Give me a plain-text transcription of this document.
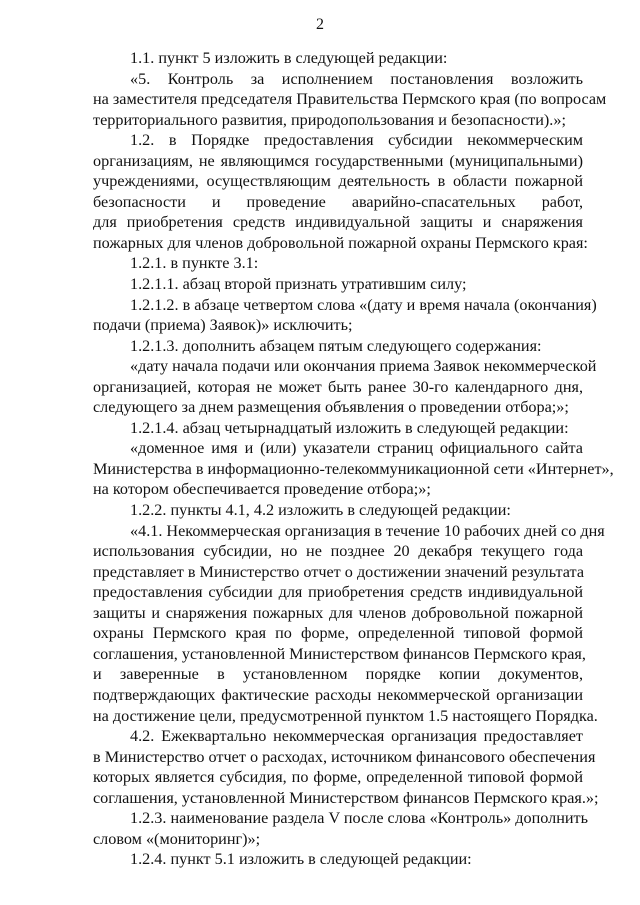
2
1.1. пункт 5 изложить в следующей редакции:
«5. Контроль за исполнением постановления возложить
на заместителя председателя Правительства Пермского края (по вопросам
территориального развития, природопользования и безопасности).»;
1.2. в Порядке предоставления субсидии некоммерческим
организациям, не являющимся государственными (муниципальными)
учреждениями, осуществляющим деятельность в области пожарной
безопасности и проведение аварийно-спасательных работ,
для приобретения средств индивидуальной защиты и снаряжения
пожарных для членов добровольной пожарной охраны Пермского края:
1.2.1. в пункте 3.1:
1.2.1.1. абзац второй признать утратившим силу;
1.2.1.2. в абзаце четвертом слова «(дату и время начала (окончания)
подачи (приема) Заявок)» исключить;
1.2.1.3. дополнить абзацем пятым следующего содержания:
«дату начала подачи или окончания приема Заявок некоммерческой
организацией, которая не может быть ранее 30-го календарного дня,
следующего за днем размещения объявления о проведении отбора;»;
1.2.1.4. абзац четырнадцатый изложить в следующей редакции:
«доменное имя и (или) указатели страниц официального сайта
Министерства в информационно-телекоммуникационной сети «Интернет»,
на котором обеспечивается проведение отбора;»;
1.2.2. пункты 4.1, 4.2 изложить в следующей редакции:
«4.1. Некоммерческая организация в течение 10 рабочих дней со дня
использования субсидии, но не позднее 20 декабря текущего года
представляет в Министерство отчет о достижении значений результата
предоставления субсидии для приобретения средств индивидуальной
защиты и снаряжения пожарных для членов добровольной пожарной
охраны Пермского края по форме, определенной типовой формой
соглашения, установленной Министерством финансов Пермского края,
и заверенные в установленном порядке копии документов,
подтверждающих фактические расходы некоммерческой организации
на достижение цели, предусмотренной пунктом 1.5 настоящего Порядка.
4.2. Ежеквартально некоммерческая организация предоставляет
в Министерство отчет о расходах, источником финансового обеспечения
которых является субсидия, по форме, определенной типовой формой
соглашения, установленной Министерством финансов Пермского края.»;
1.2.3. наименование раздела V после слова «Контроль» дополнить
словом «(мониторинг)»;
1.2.4. пункт 5.1 изложить в следующей редакции:
